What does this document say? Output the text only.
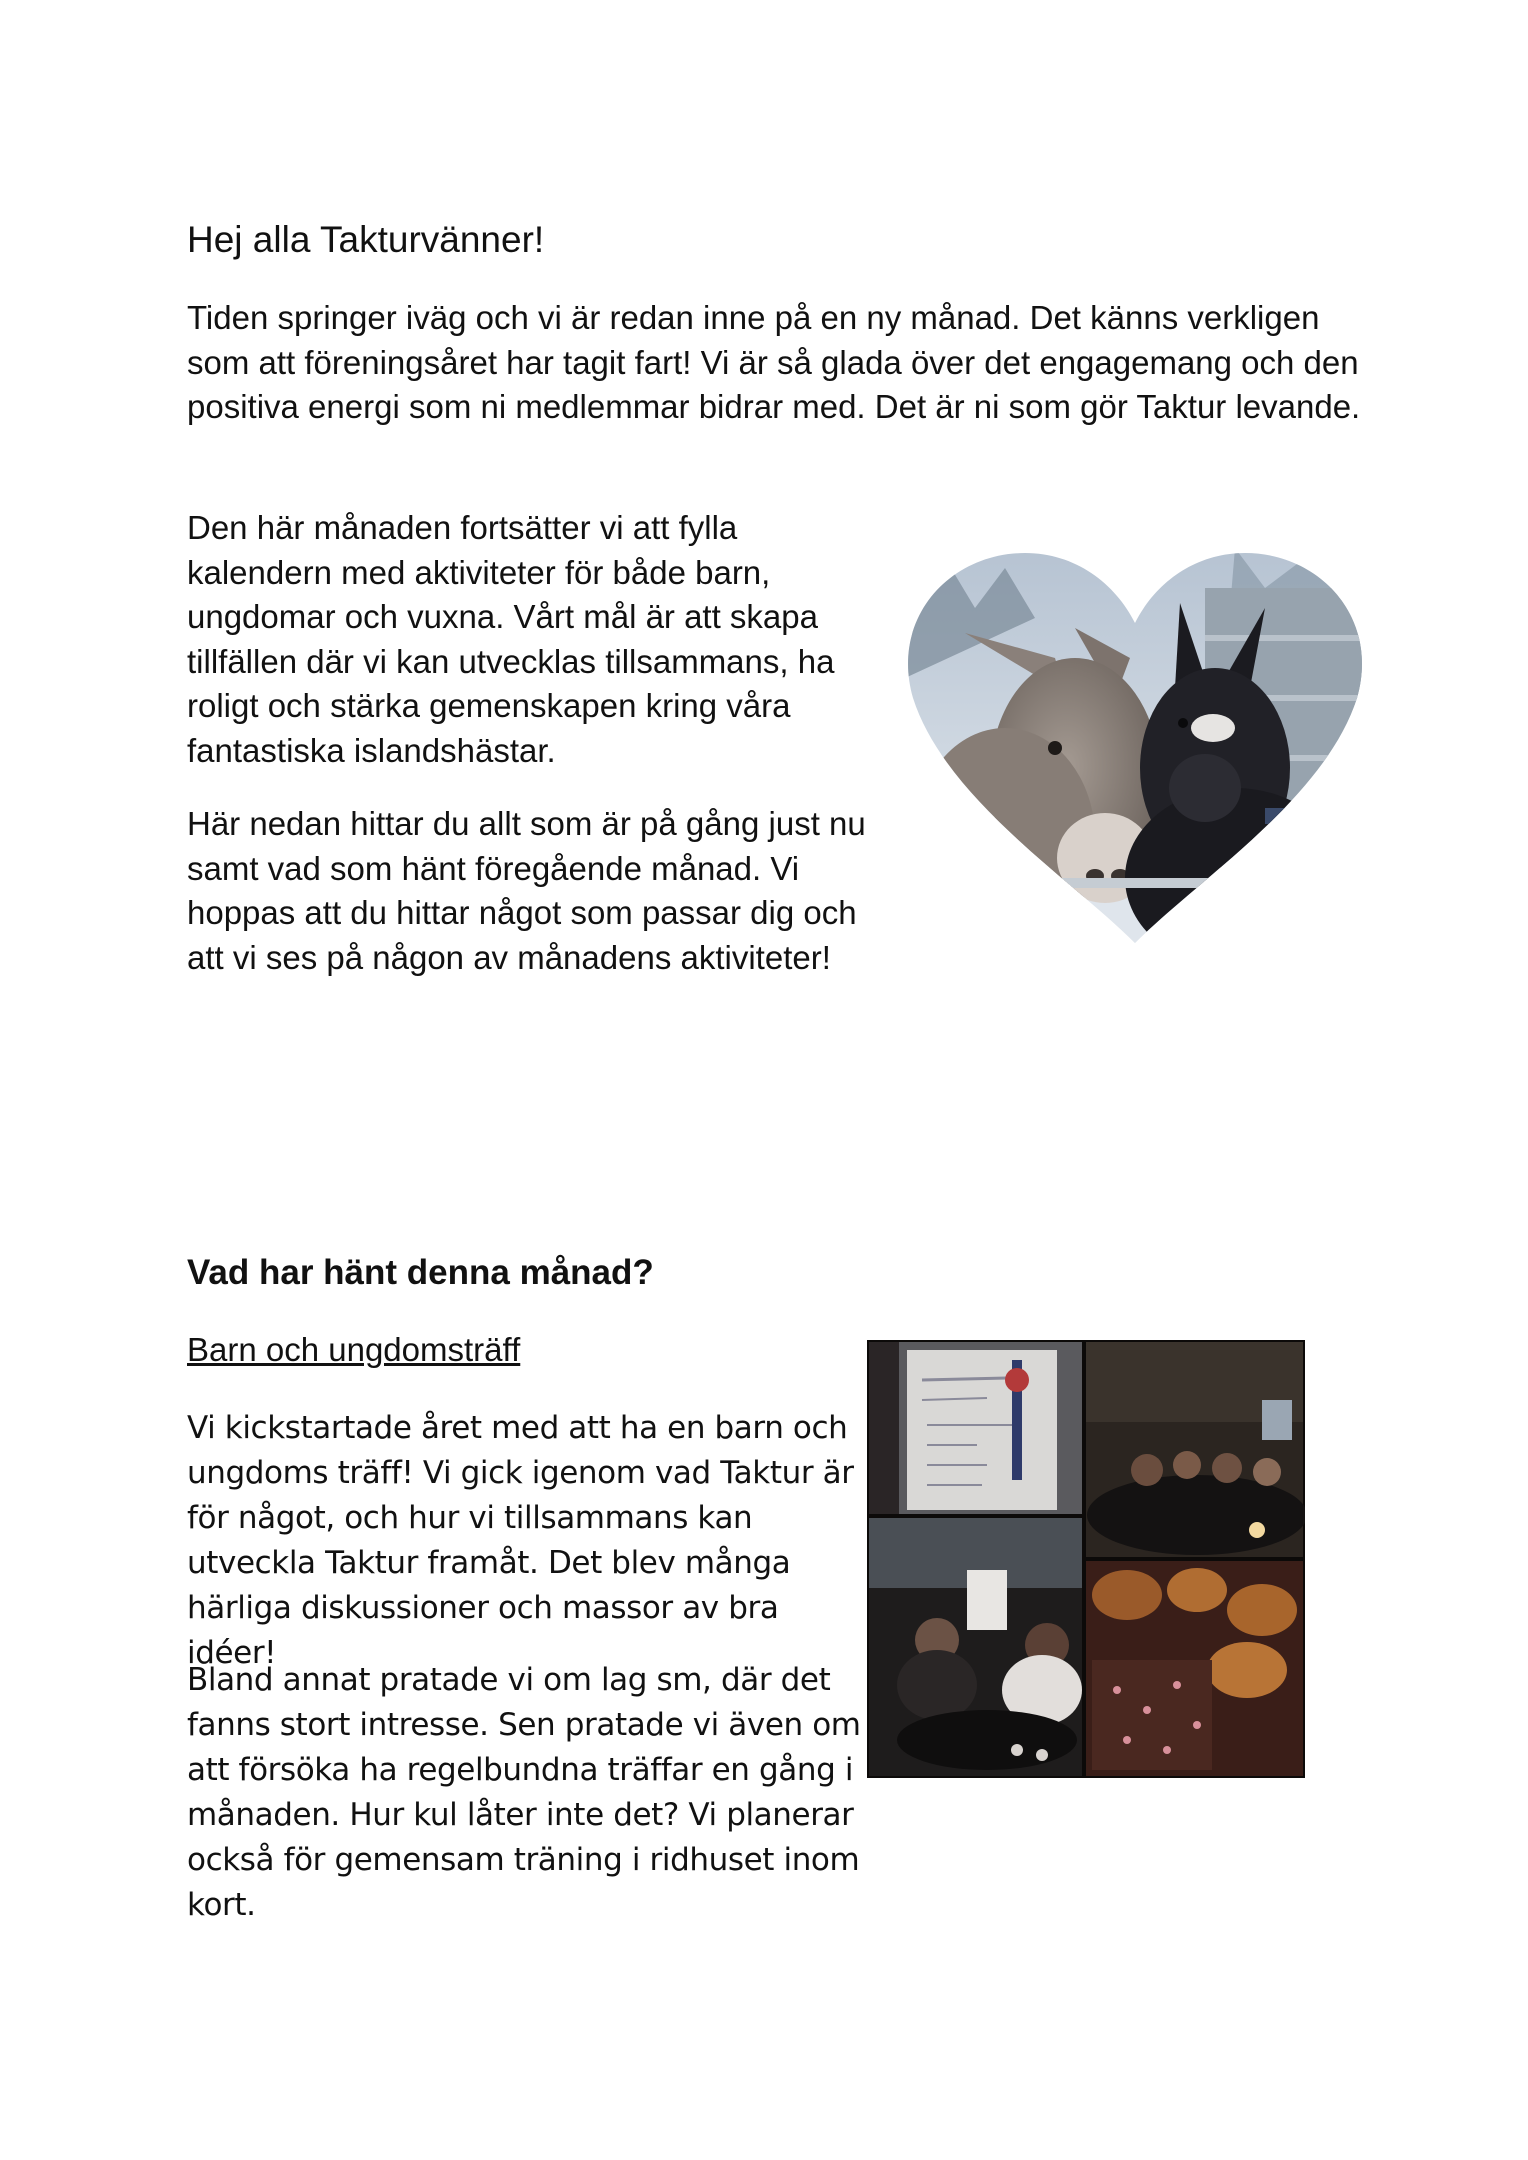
Hej alla Takturvänner!

Tiden springer iväg och vi är redan inne på en ny månad. Det känns verkligen som att föreningsåret har tagit fart! Vi är så glada över det engagemang och den positiva energi som ni medlemmar bidrar med. Det är ni som gör Taktur levande.

Den här månaden fortsätter vi att fylla kalendern med aktiviteter för både barn, ungdomar och vuxna. Vårt mål är att skapa tillfällen där vi kan utvecklas tillsammans, ha roligt och stärka gemenskapen kring våra fantastiska islandshästar.

Här nedan hittar du allt som är på gång just nu samt vad som hänt föregående månad. Vi hoppas att du hittar något som passar dig och att vi ses på någon av månadens aktiviteter!

Vad har hänt denna månad?

Barn och ungdomsträff

Vi kickstartade året med att ha en barn och ungdoms träff! Vi gick igenom vad Taktur är för något, och hur vi tillsammans kan utveckla Taktur framåt. Det blev många härliga diskussioner och massor av bra idéer!

Bland annat pratade vi om lag sm, där det fanns stort intresse. Sen pratade vi även om att försöka ha regelbundna träffar en gång i månaden. Hur kul låter inte det? Vi planerar också för gemensam träning i ridhuset inom kort.
